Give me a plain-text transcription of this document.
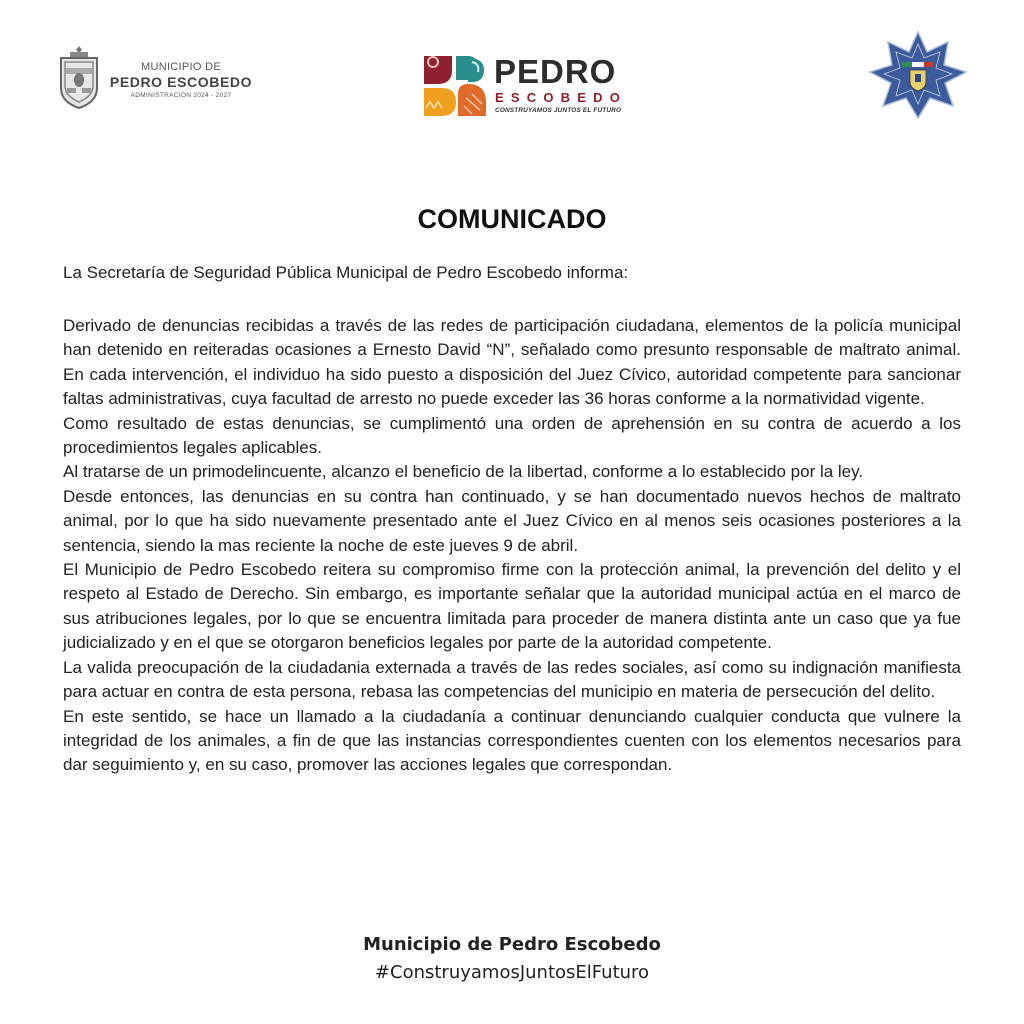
MUNICIPIO DE
PEDRO ESCOBEDO
ADMINISTRACIÓN 2024 - 2027
PEDRO
ESCOBEDO
CONSTRUYAMOS JUNTOS EL FUTURO
COMUNICADO
La Secretaría de Seguridad Pública Municipal de Pedro Escobedo informa:

Derivado de denuncias recibidas a través de las redes de participación ciudadana, elementos de la policía municipal han detenido en reiteradas ocasiones a Ernesto David “N”, señalado como presunto responsable de maltrato animal. En cada intervención, el individuo ha sido puesto a disposición del Juez Cívico, autoridad competente para sancionar faltas administrativas, cuya facultad de arresto no puede exceder las 36 horas conforme a la normatividad vigente.

Como resultado de estas denuncias, se cumplimentó una orden de aprehensión en su contra de acuerdo a los procedimientos legales aplicables.

Al tratarse de un primodelincuente, alcanzo el beneficio de la libertad, conforme a lo establecido por la ley.

Desde entonces, las denuncias en su contra han continuado, y se han documentado nuevos hechos de maltrato animal, por lo que ha sido nuevamente presentado ante el Juez Cívico en al menos seis ocasiones posteriores a la sentencia, siendo la mas reciente la noche de este jueves 9 de abril.

El Municipio de Pedro Escobedo reitera su compromiso firme con la protección animal, la prevención del delito y el respeto al Estado de Derecho. Sin embargo, es importante señalar que la autoridad municipal actúa en el marco de sus atribuciones legales, por lo que se encuentra limitada para proceder de manera distinta ante un caso que ya fue judicializado y en el que se otorgaron beneficios legales por parte de la autoridad competente.

La valida preocupación de la ciudadania externada a través de las redes sociales, así como su indignación manifiesta para actuar en contra de esta persona, rebasa las competencias del municipio en materia de persecución del delito.

En este sentido, se hace un llamado a la ciudadanía a continuar denunciando cualquier conducta que vulnere la integridad de los animales, a fin de que las instancias correspondientes cuenten con los elementos necesarios para dar seguimiento y, en su caso, promover las acciones legales que correspondan.

Municipio de Pedro Escobedo
#ConstruyamosJuntosElFuturo
